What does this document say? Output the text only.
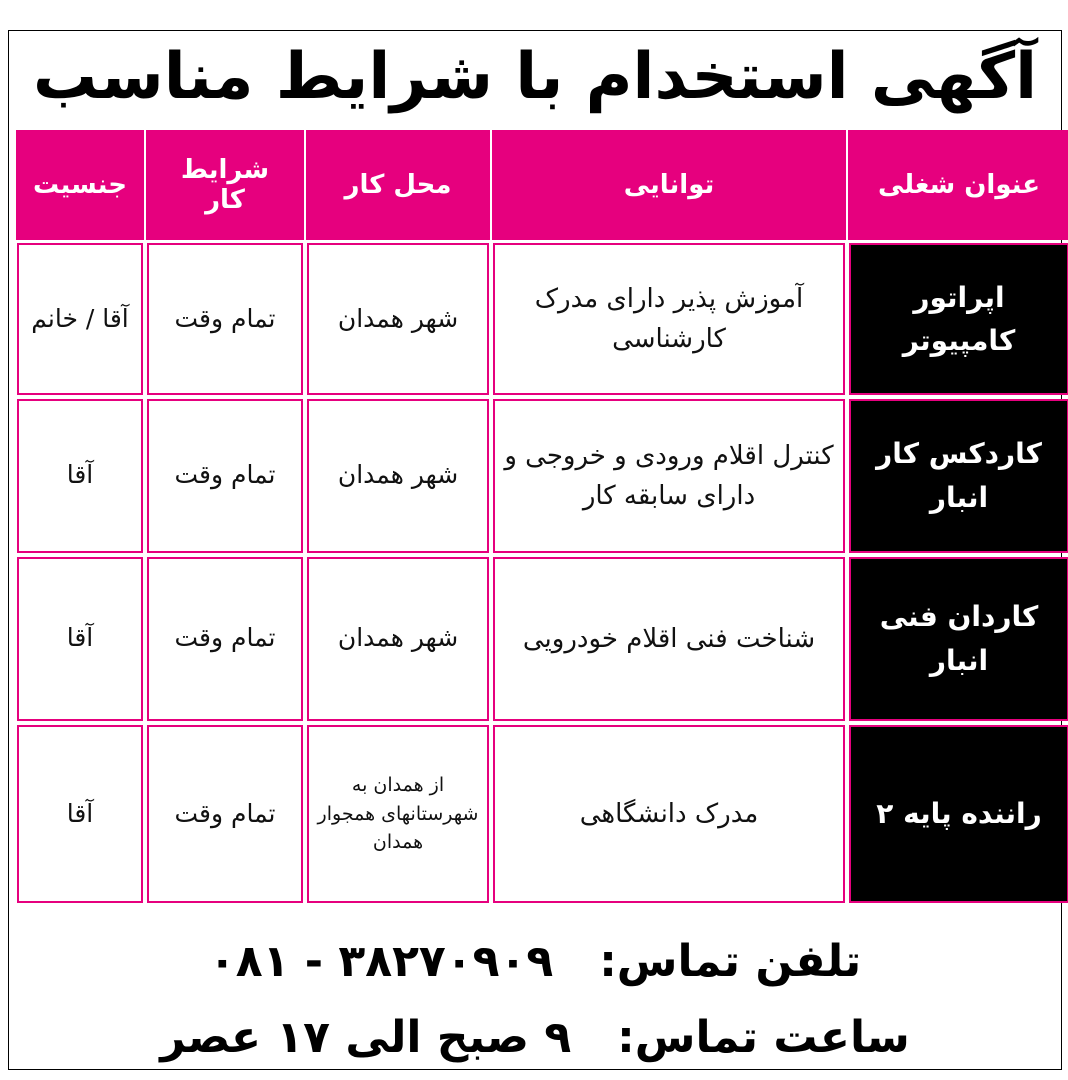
آگهی استخدام با شرایط مناسب
عنوان شغلی	توانایی	محل کار	شرایط کار	جنسیت
اپراتور کامپیوتر	آموزش پذیر دارای مدرک کارشناسی	شهر همدان	تمام وقت	آقا / خانم
کاردکس کار انبار	کنترل اقلام ورودی و خروجی و دارای سابقه کار	شهر همدان	تمام وقت	آقا
کاردان فنی انبار	شناخت فنی اقلام خودرویی	شهر همدان	تمام وقت	آقا
راننده پایه ۲	مدرک دانشگاهی	از همدان به شهرستانهای همجوار همدان	تمام وقت	آقا
تلفن تماس:   ۰۸۱ - ۳۸۲۷۰۹۰۹
ساعت تماس:   ۹ صبح الی ۱۷ عصر
